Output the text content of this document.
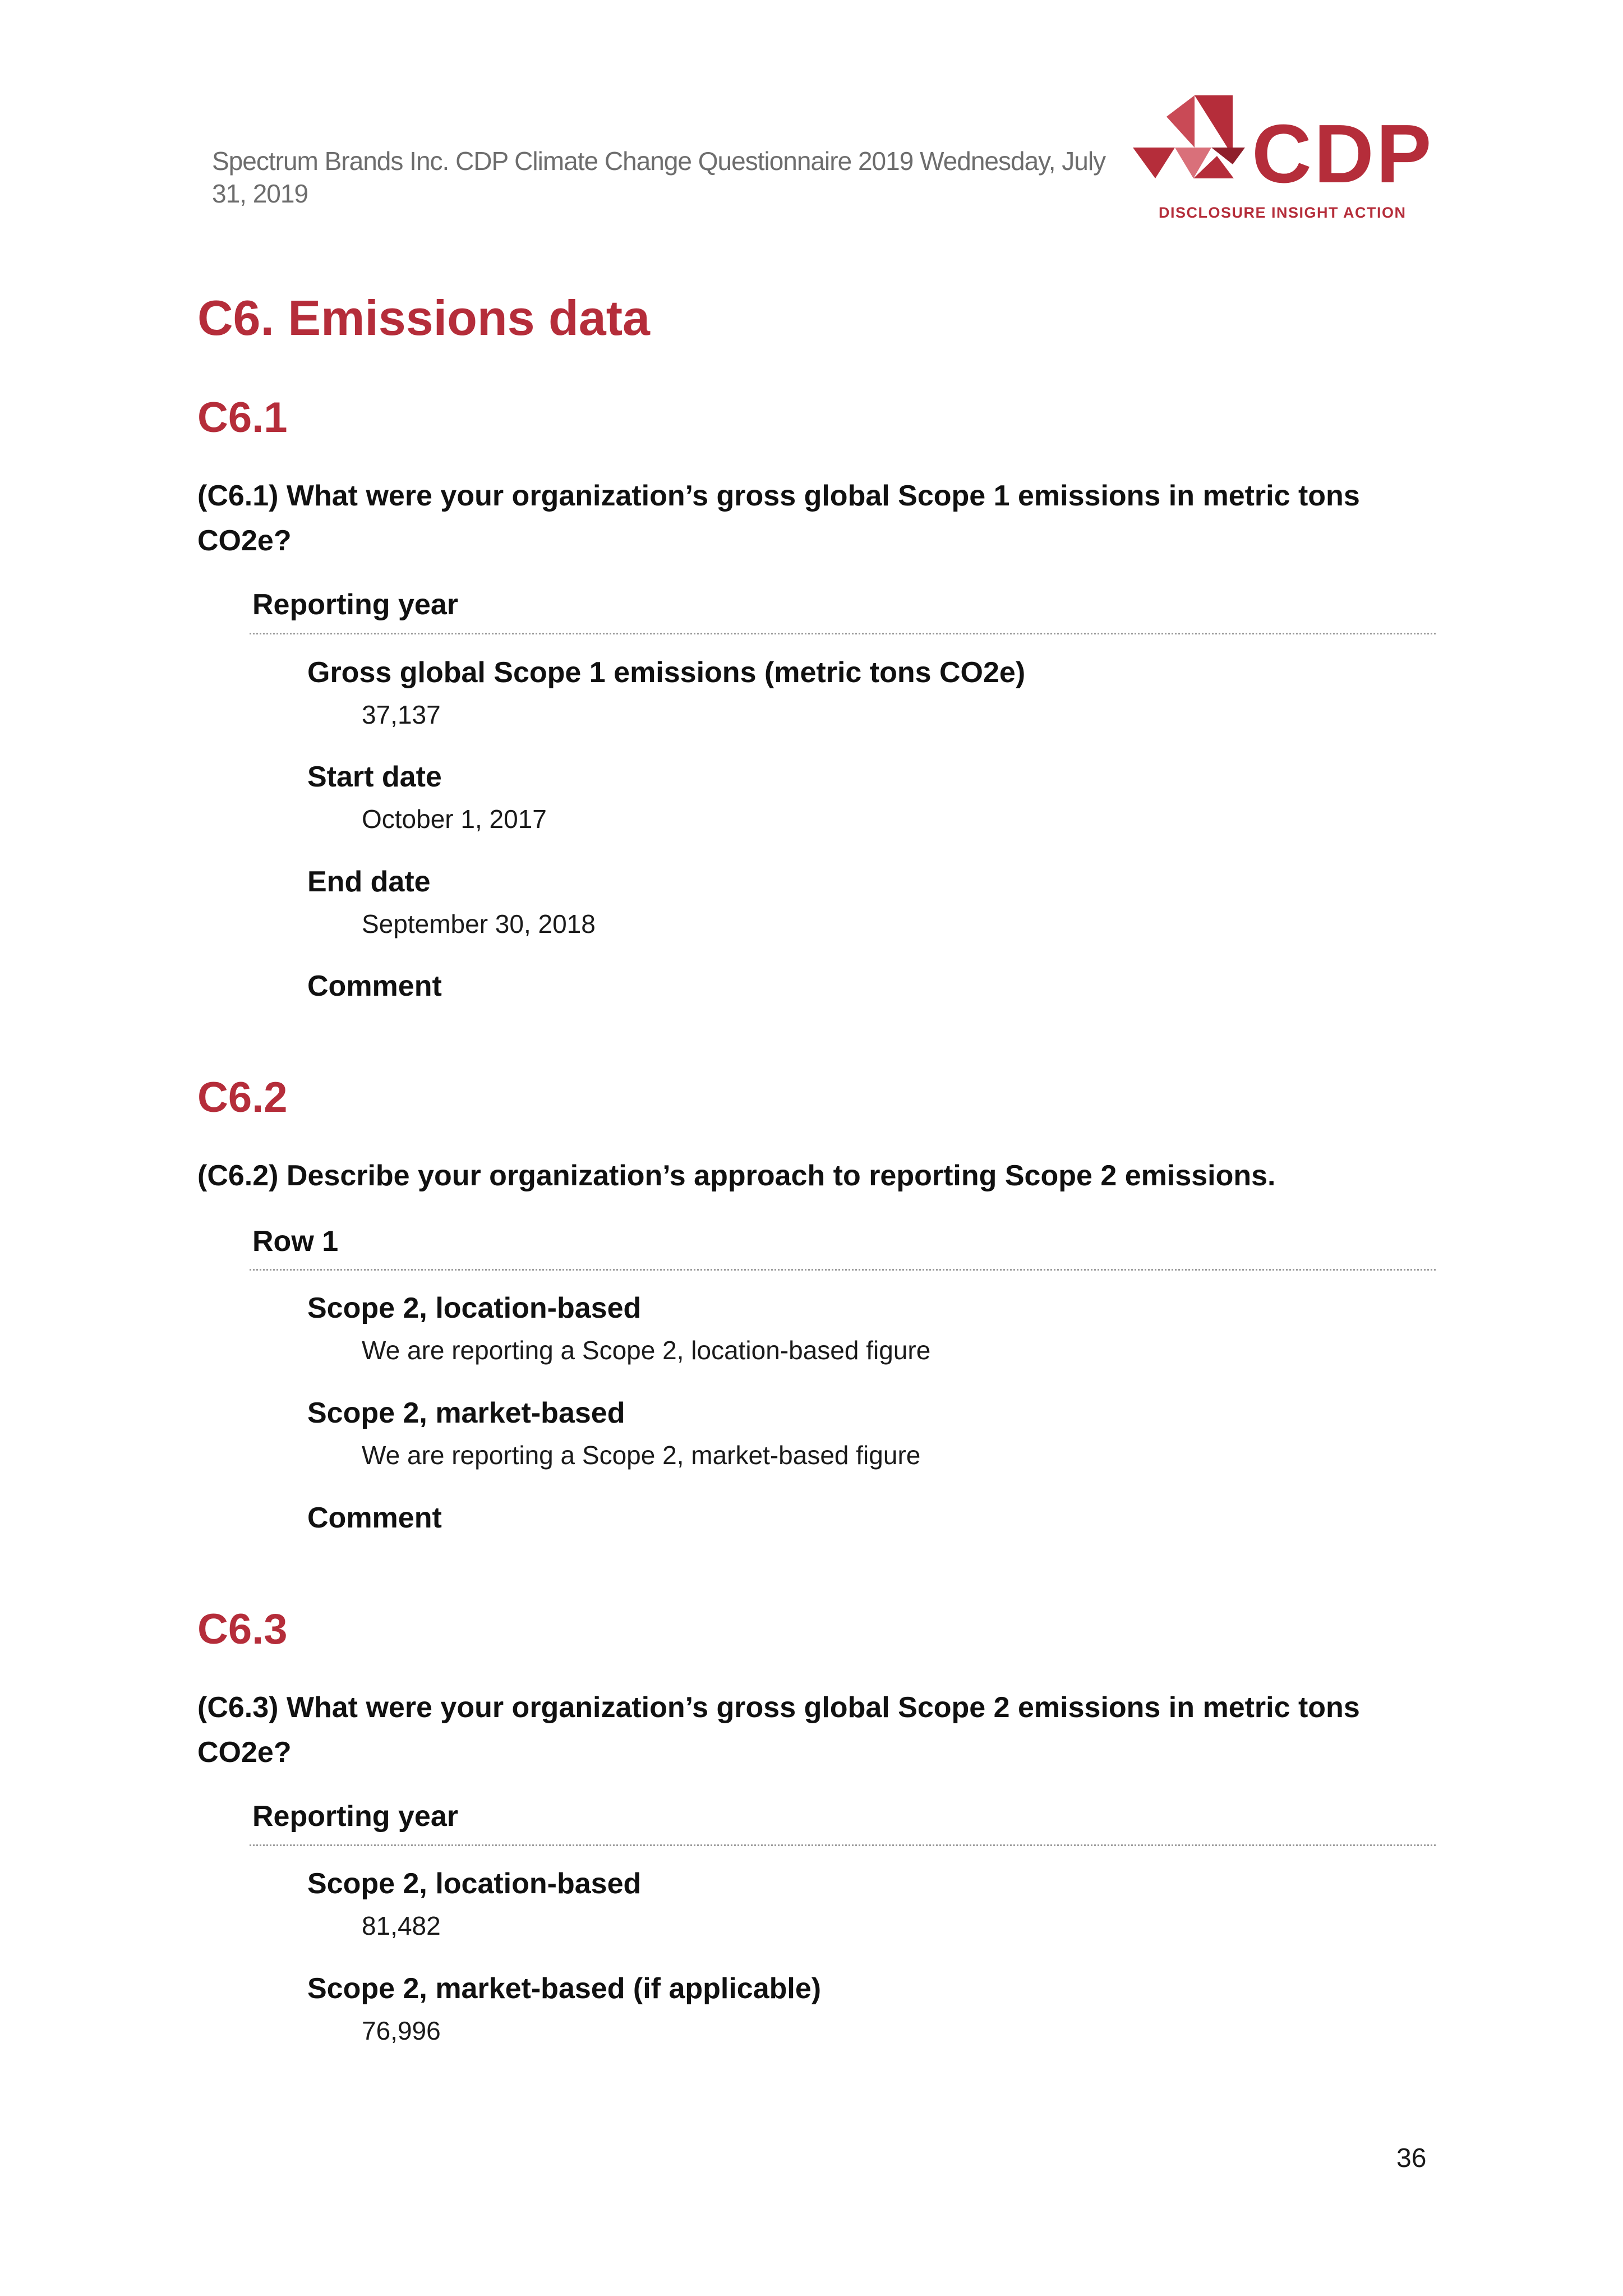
Spectrum Brands Inc. CDP Climate Change Questionnaire 2019 Wednesday, July 31, 2019	CDP
DISCLOSURE INSIGHT ACTION
C6. Emissions data
C6.1

(C6.1) What were your organization’s gross global Scope 1 emissions in metric tons CO2e?

Reporting year
Gross global Scope 1 emissions (metric tons CO2e)
37,137
Start date
October 1, 2017
End date
September 30, 2018
Comment
C6.2

(C6.2) Describe your organization’s approach to reporting Scope 2 emissions.

Row 1
Scope 2, location-based
We are reporting a Scope 2, location-based figure
Scope 2, market-based
We are reporting a Scope 2, market-based figure
Comment
C6.3

(C6.3) What were your organization’s gross global Scope 2 emissions in metric tons CO2e?

Reporting year
Scope 2, location-based
81,482
Scope 2, market-based (if applicable)
76,996
36
